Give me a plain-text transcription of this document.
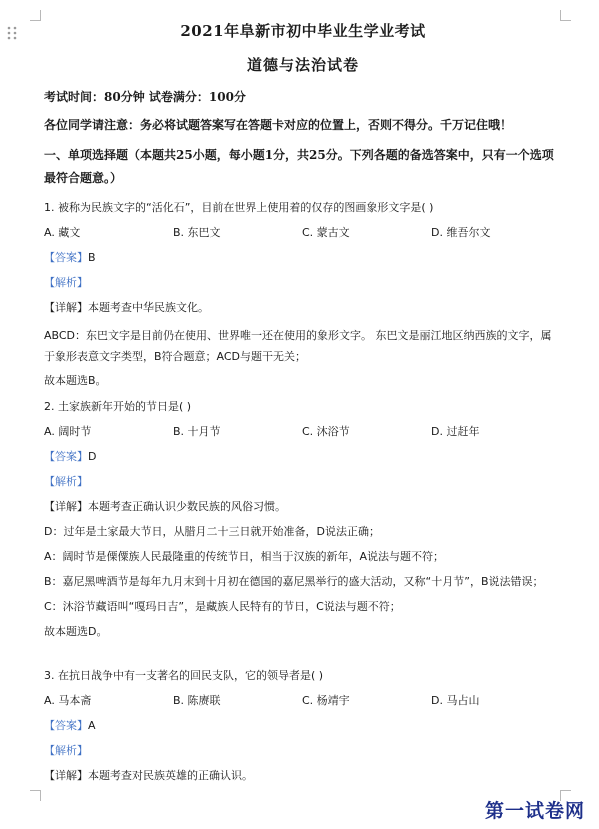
2021年阜新市初中毕业生学业考试
道德与法治试卷

考试时间：80分钟 试卷满分：100分

各位同学请注意：务必将试题答案写在答题卡对应的位置上，否则不得分。千万记住哦！

一、单项选择题（本题共25小题，每小题1分，共25分。下列各题的备选答案中，只有一个选项最符合题意。）

1. 被称为民族文字的“活化石”，目前在世界上使用着的仅存的图画象形文字是( )

A. 藏文	B. 东巴文	C. 蒙古文	D. 维吾尔文

【答案】B

【解析】

【详解】本题考查中华民族文化。

ABCD：东巴文字是目前仍在使用、世界唯一还在使用的象形文字。 东巴文是丽江地区纳西族的文字，属于象形表意文字类型，B符合题意；ACD与题干无关；

故本题选B。

2. 土家族新年开始的节日是( )

A. 阔时节	B. 十月节	C. 沐浴节	D. 过赶年

【答案】D

【解析】

【详解】本题考查正确认识少数民族的风俗习惯。

D：过年是土家最大节日，从腊月二十三日就开始准备，D说法正确；

A：阔时节是傈僳族人民最隆重的传统节日，相当于汉族的新年，A说法与题不符；

B：嘉尼黑啤酒节是每年九月末到十月初在德国的嘉尼黑举行的盛大活动，又称“十月节”，B说法错误；

C：沐浴节藏语叫“嘎玛日吉”，是藏族人民特有的节日，C说法与题不符；

故本题选D。

3. 在抗日战争中有一支著名的回民支队，它的领导者是( )

A. 马本斋	B. 陈赓联	C. 杨靖宇	D. 马占山

【答案】A

【解析】

【详解】本题考查对民族英雄的正确认识。

第一试卷网
